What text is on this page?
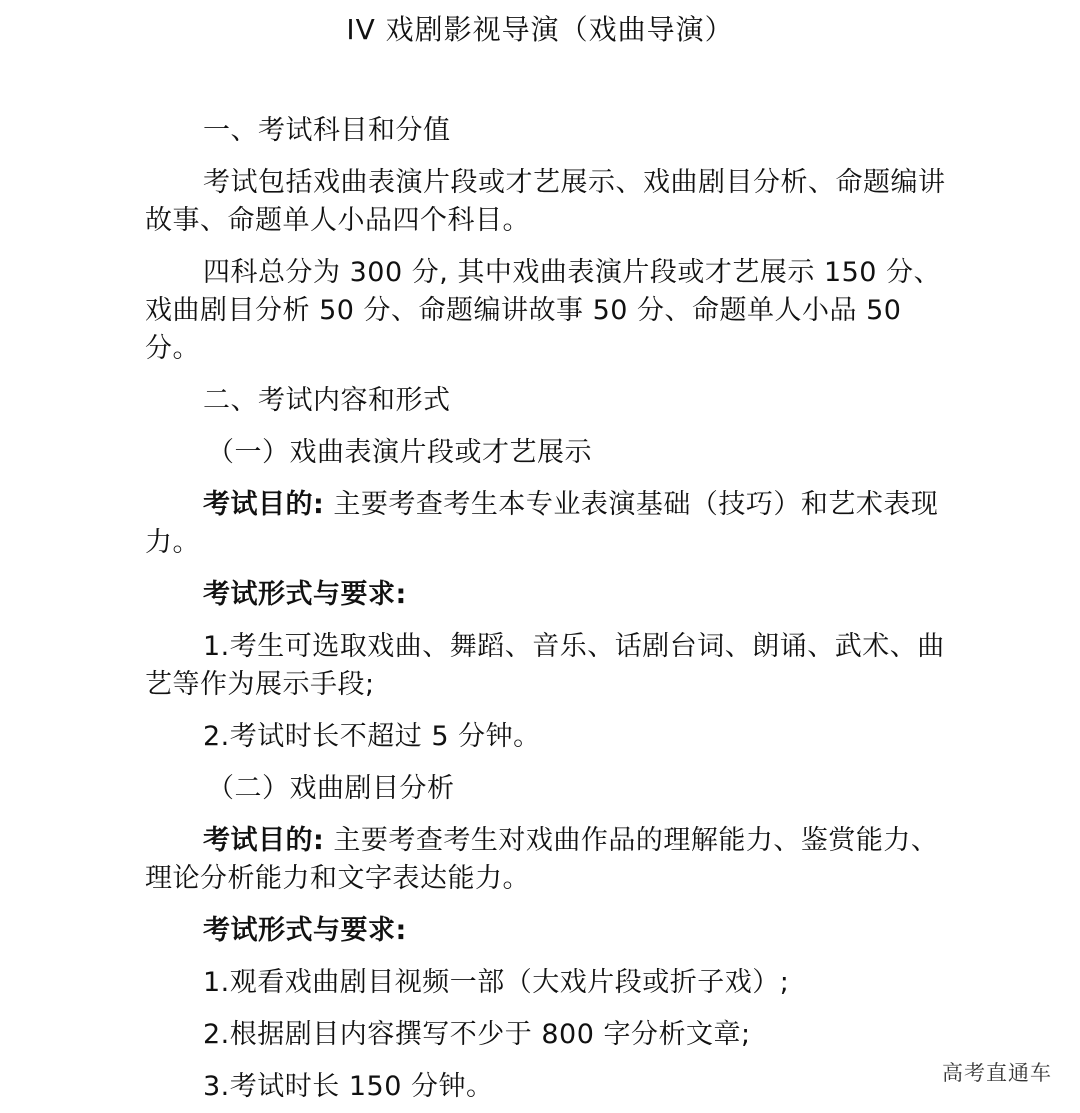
IV 戏剧影视导演（戏曲导演）

一、考试科目和分值

考试包括戏曲表演片段或才艺展示、戏曲剧目分析、命题编讲故事、命题单人小品四个科目。

四科总分为 300 分, 其中戏曲表演片段或才艺展示 150 分、戏曲剧目分析 50 分、命题编讲故事 50 分、命题单人小品 50 分。

二、考试内容和形式

（一）戏曲表演片段或才艺展示

考试目的: 主要考查考生本专业表演基础（技巧）和艺术表现力。

考试形式与要求:

1.考生可选取戏曲、舞蹈、音乐、话剧台词、朗诵、武术、曲艺等作为展示手段;

2.考试时长不超过 5 分钟。

（二）戏曲剧目分析

考试目的: 主要考查考生对戏曲作品的理解能力、鉴赏能力、理论分析能力和文字表达能力。

考试形式与要求:

1.观看戏曲剧目视频一部（大戏片段或折子戏）;

2.根据剧目内容撰写不少于 800 字分析文章;

3.考试时长 150 分钟。	高考直通车
